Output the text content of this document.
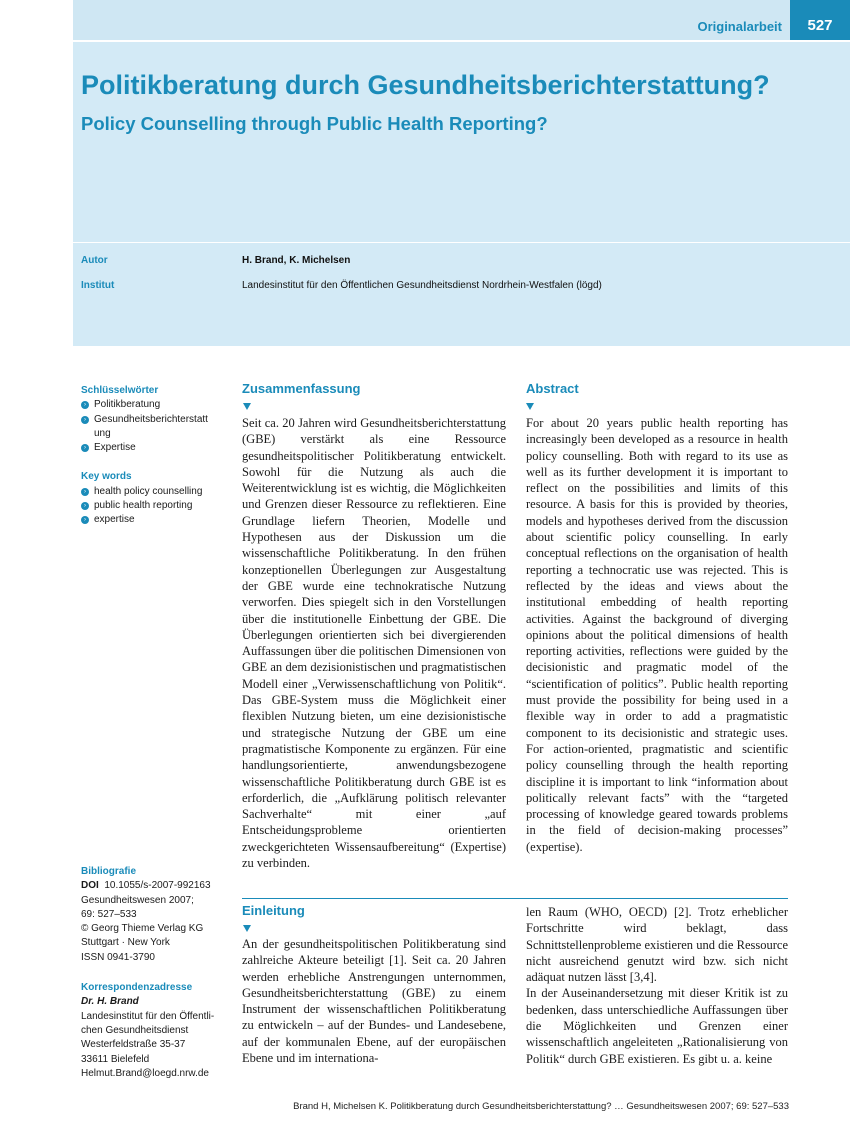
Originalarbeit	527
Politikberatung durch Gesundheitsberichterstattung?
Policy Counselling through Public Health Reporting?
Autor	H. Brand, K. Michelsen
Institut	Landesinstitut für den Öffentlichen Gesundheitsdienst Nordrhein-Westfalen (lögd)
Schlüsselwörter
› Politikberatung
› Gesundheitsberichterstattung
› Expertise
Key words
› health policy counselling
› public health reporting
› expertise
Bibliografie
DOI 10.1055/s-2007-992163
Gesundheitswesen 2007;
69: 527–533
© Georg Thieme Verlag KG
Stuttgart · New York
ISSN 0941-3790
Korrespondenzadresse
Dr. H. Brand
Landesinstitut für den Öffentli-
chen Gesundheitsdienst
Westerfeldstraße 35-37
33611 Bielefeld
Helmut.Brand@loegd.nrw.de
Zusammenfassung
Seit ca. 20 Jahren wird Gesundheitsberichterstattung (GBE) verstärkt als eine Ressource gesundheitspolitischer Politikberatung entwickelt. Sowohl für die Nutzung als auch die Weiterentwicklung ist es wichtig, die Möglichkeiten und Grenzen dieser Ressource zu reflektieren. Eine Grundlage liefern Theorien, Modelle und Hypothesen aus der Diskussion um die wissenschaftliche Politikberatung. In den frühen konzeptionellen Überlegungen zur Ausgestaltung der GBE wurde eine technokratische Nutzung verworfen. Dies spiegelt sich in den Vorstellungen über die institutionelle Einbettung der GBE. Die Überlegungen orientierten sich bei divergierenden Auffassungen über die politischen Dimensionen von GBE an dem dezisionistischen und pragmatistischen Modell einer „Verwissenschaftlichung von Politik“. Das GBE-System muss die Möglichkeit einer flexiblen Nutzung bieten, um eine dezisionistische und strategische Nutzung der GBE um eine pragmatistische Komponente zu ergänzen. Für eine handlungsorientierte, anwendungsbezogene wissenschaftliche Politikberatung durch GBE ist es erforderlich, die „Aufklärung politisch relevanter Sachverhalte“ mit einer „auf Entscheidungsprobleme orientierten zweckgerichteten Wissensaufbereitung“ (Expertise) zu verbinden.
Abstract
For about 20 years public health reporting has increasingly been developed as a resource in health policy counselling. Both with regard to its use as well as its further development it is important to reflect on the possibilities and limits of this resource. A basis for this is provided by theories, models and hypotheses derived from the discussion about scientific policy counselling. In early conceptual reflections on the organisation of health reporting a technocratic use was rejected. This is reflected by the ideas and views about the institutional embedding of health reporting activities. Against the background of diverging opinions about the political dimensions of health reporting activities, reflections were guided by the decisionistic and pragmatic model of the “scientification of politics”. Public health reporting must provide the possibility for being used in a flexible way in order to add a pragmatistic component to its decisionistic and strategic uses. For action-oriented, pragmatistic and scientific policy counselling through the health reporting discipline it is important to link “information about politically relevant facts” with the “targeted processing of knowledge geared towards problems in the field of decision-making processes” (expertise).
Einleitung
An der gesundheitspolitischen Politikberatung sind zahlreiche Akteure beteiligt [1]. Seit ca. 20 Jahren werden erhebliche Anstrengungen unternommen, Gesundheitsberichterstattung (GBE) zu einem Instrument der wissenschaftlichen Politikberatung zu entwickeln – auf der Bundes- und Landesebene, auf der kommunalen Ebene, auf der europäischen Ebene und im internationa-

len Raum (WHO, OECD) [2]. Trotz erheblicher Fortschritte wird beklagt, dass Schnittstellenprobleme existieren und die Ressource nicht ausreichend genutzt wird bzw. sich nicht adäquat nutzen lässt [3,4].

In der Auseinandersetzung mit dieser Kritik ist zu bedenken, dass unterschiedliche Auffassungen über die Möglichkeiten und Grenzen einer wissenschaftlich angeleiteten „Rationalisierung von Politik“ durch GBE existieren. Es gibt u. a. keine

Brand H, Michelsen K. Politikberatung durch Gesundheitsberichterstattung? … Gesundheitswesen 2007; 69: 527–533
